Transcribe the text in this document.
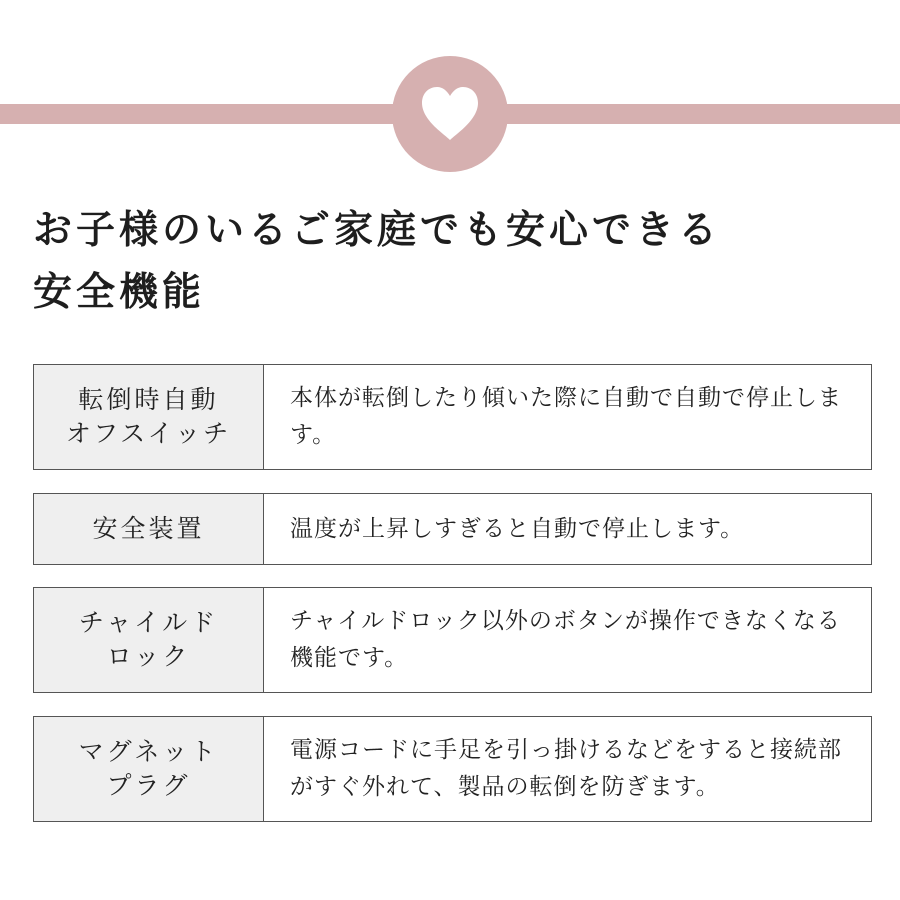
お子様のいるご家庭でも安心できる
安全機能
転倒時自動
オフスイッチ
本体が転倒したり傾いた際に自動で自動で停止します。
安全装置	温度が上昇しすぎると自動で停止します。
チャイルド
ロック
チャイルドロック以外のボタンが操作できなくなる機能です。
マグネット
プラグ
電源コードに手足を引っ掛けるなどをすると接続部がすぐ外れて、製品の転倒を防ぎます。
